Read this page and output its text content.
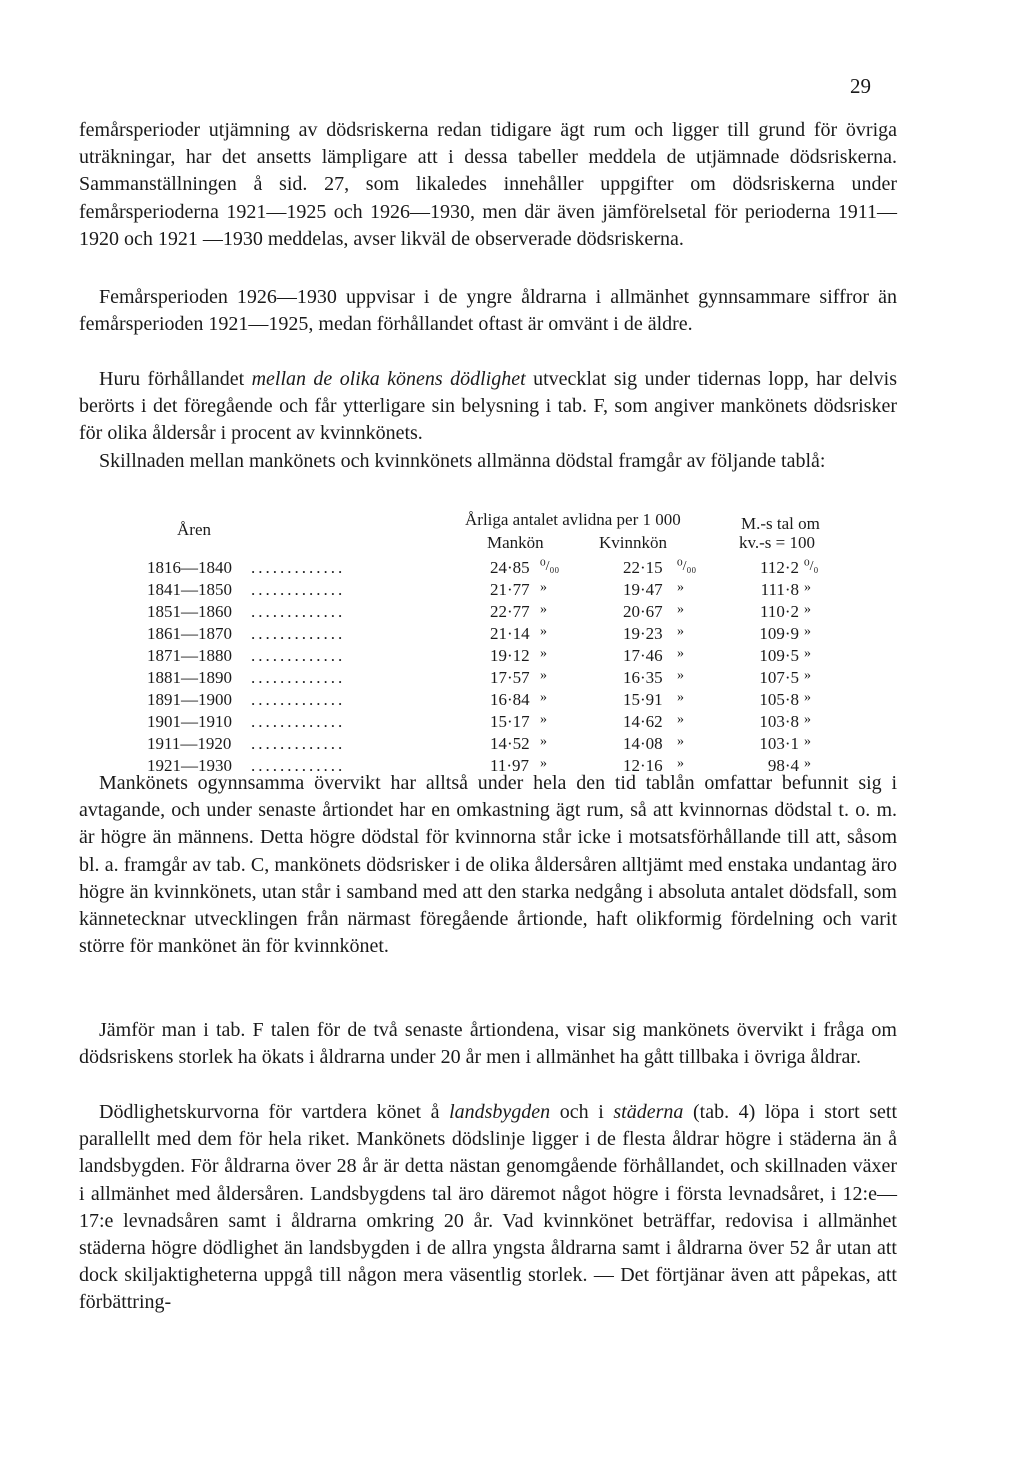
29

femårsperioder utjämning av dödsriskerna redan tidigare ägt rum och ligger till grund för övriga uträkningar, har det ansetts lämpligare att i dessa tabeller meddela de utjämnade dödsriskerna. Sammanställningen å sid. 27, som likaledes innehåller uppgifter om dödsriskerna under femårsperioderna 1921—1925 och 1926—1930, men där även jämförelsetal för perioderna 1911—1920 och 1921 —1930 meddelas, avser likväl de observerade dödsriskerna.

Femårsperioden 1926—1930 uppvisar i de yngre åldrarna i allmänhet gynnsammare siffror än femårsperioden 1921—1925, medan förhållandet oftast är omvänt i de äldre.

Huru förhållandet mellan de olika könens dödlighet utvecklat sig under tidernas lopp, har delvis berörts i det föregående och får ytterligare sin belysning i tab. F, som angiver mankönets dödsrisker för olika åldersår i procent av kvinnkönets.

Skillnaden mellan mankönets och kvinnkönets allmänna dödstal framgår av följande tablå:

Åren
Årliga antalet avlidna per 1 000
Mankön	Kvinnkön
M.-s tal om
kv.-s = 100
1816—1840 .............	24·85 ⁰/₀₀	22·15 ⁰/₀₀	112·2 ⁰/₀
1841—1850 .............	21·77 »	19·47 »	111·8 »
1851—1860 .............	22·77 »	20·67 »	110·2 »
1861—1870 .............	21·14 »	19·23 »	109·9 »
1871—1880 .............	19·12 »	17·46 »	109·5 »
1881—1890 .............	17·57 »	16·35 »	107·5 »
1891—1900 .............	16·84 »	15·91 »	105·8 »
1901—1910 .............	15·17 »	14·62 »	103·8 »
1911—1920 .............	14·52 »	14·08 »	103·1 »
1921—1930 .............	11·97 »	12·16 »	98·4 »

Mankönets ogynnsamma övervikt har alltså under hela den tid tablån omfattar befunnit sig i avtagande, och under senaste årtiondet har en omkastning ägt rum, så att kvinnornas dödstal t. o. m. är högre än männens. Detta högre dödstal för kvinnorna står icke i motsatsförhållande till att, såsom bl. a. framgår av tab. C, mankönets dödsrisker i de olika åldersåren alltjämt med enstaka undantag äro högre än kvinnkönets, utan står i samband med att den starka nedgång i absoluta antalet dödsfall, som kännetecknar utvecklingen från närmast föregående årtionde, haft olikformig fördelning och varit större för mankönet än för kvinnkönet.

Jämför man i tab. F talen för de två senaste årtiondena, visar sig mankönets övervikt i fråga om dödsriskens storlek ha ökats i åldrarna under 20 år men i allmänhet ha gått tillbaka i övriga åldrar.

Dödlighetskurvorna för vartdera könet å landsbygden och i städerna (tab. 4) löpa i stort sett parallellt med dem för hela riket. Mankönets dödslinje ligger i de flesta åldrar högre i städerna än å landsbygden. För åldrarna över 28 år är detta nästan genomgående förhållandet, och skillnaden växer i allmänhet med åldersåren. Landsbygdens tal äro däremot något högre i första levnadsåret, i 12:e—17:e levnadsåren samt i åldrarna omkring 20 år. Vad kvinnkönet beträffar, redovisa i allmänhet städerna högre dödlighet än landsbygden i de allra yngsta åldrarna samt i åldrarna över 52 år utan att dock skiljaktigheterna uppgå till någon mera väsentlig storlek. — Det förtjänar även att påpekas, att förbättring-
